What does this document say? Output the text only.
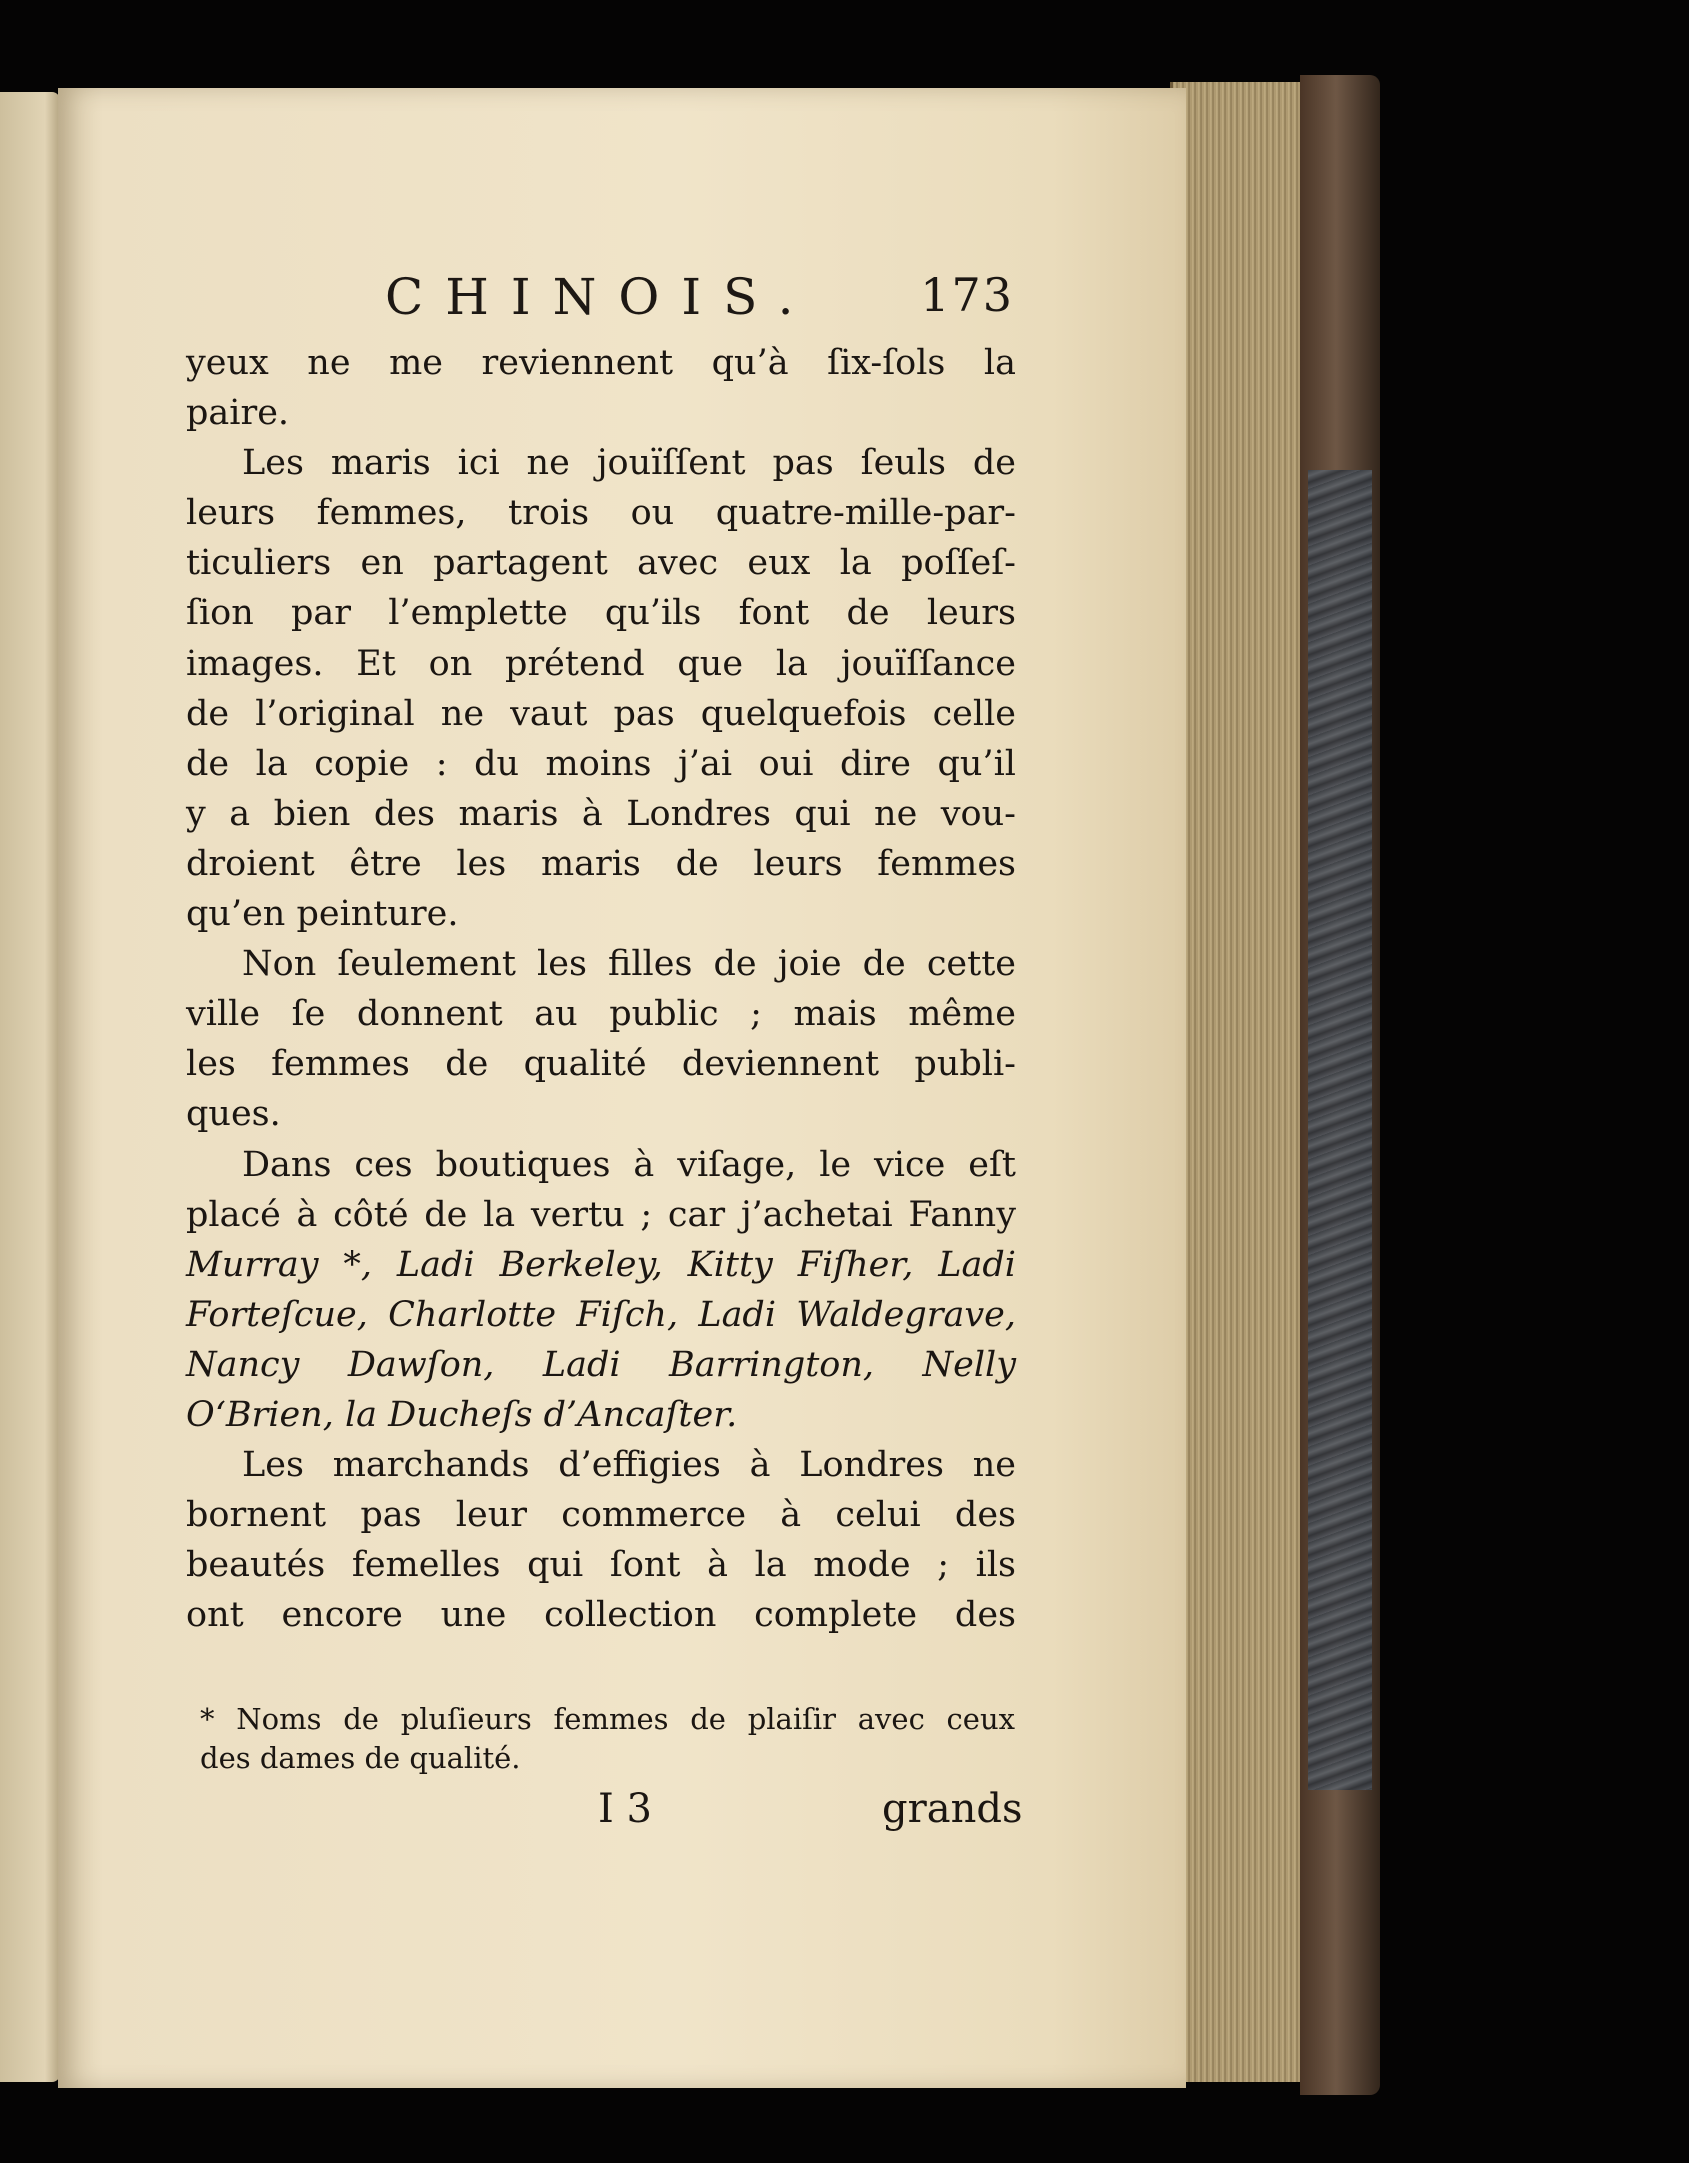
CHINOIS. 173
yeux ne me reviennent qu’à ſix-ſols la
paire.
Les maris ici ne jouïſſent pas ſeuls de
leurs femmes, trois ou quatre-mille-par-
ticuliers en partagent avec eux la poſſeſ-
ſion par l’emplette qu’ils font de leurs
images. Et on prétend que la jouïſſance
de l’original ne vaut pas quelquefois celle
de la copie : du moins j’ai oui dire qu’il
y a bien des maris à Londres qui ne vou-
droient être les maris de leurs femmes
qu’en peinture.
Non ſeulement les filles de joie de cette
ville ſe donnent au public ; mais même
les femmes de qualité deviennent publi-
ques.
Dans ces boutiques à viſage, le vice eſt
placé à côté de la vertu ; car j’achetai Fanny
Murray *, Ladi Berkeley, Kitty Fiſher, Ladi
Forteſcue, Charlotte Fiſch, Ladi Waldegrave,
Nancy Dawſon, Ladi Barrington, Nelly
O‘Brien, la Ducheſs d’Ancaſter.
Les marchands d’effigies à Londres ne
bornent pas leur commerce à celui des
beautés femelles qui ſont à la mode ; ils
ont encore une collection complete des
* Noms de pluſieurs femmes de plaiſir avec ceux
des dames de qualité.
I 3	grands
